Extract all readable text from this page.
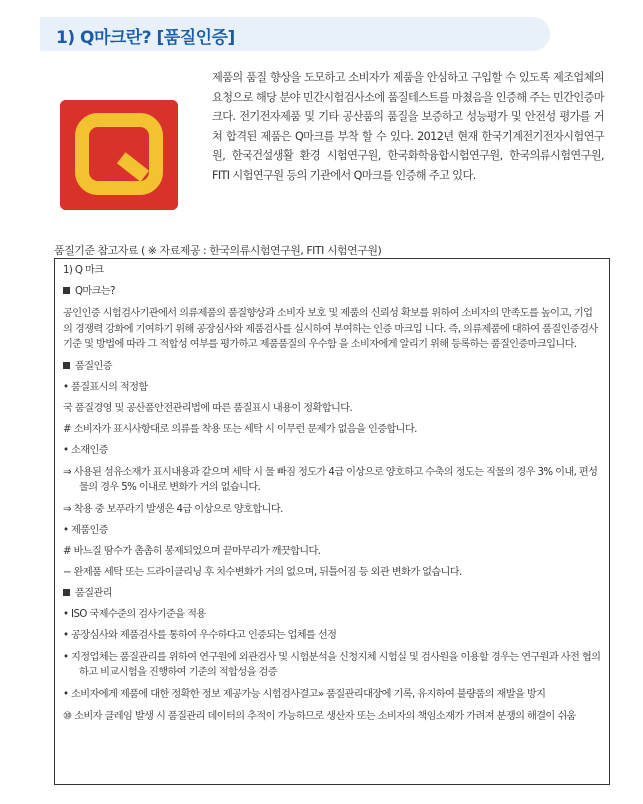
1) Q마크란? [품질인증]

제품의 품질 향상을 도모하고 소비자가 제품을 안심하고 구입할 수 있도록 제조업체의 요청으로 해당 분야 민간시험검사소에 품질테스트를 마쳤음을 인증해 주는 민간인증마크다. 전기전자제품 및 기타 공산품의 품질을 보증하고 성능평가 및 안전성 평가를 거쳐 합격된 제품은 Q마크를 부착 할 수 있다. 2012년 현재 한국기계전기전자시험연구원, 한국건설생활 환경 시험연구원, 한국화학융합시험연구원, 한국의류시험연구원, FITI 시험연구원 등의 기관에서 Q마크를 인증해 주고 있다.

품질기준 참고자료 ( ※ 자료제공 : 한국의류시험연구원, FITI 시험연구원)
1) Q 마크
Q마크는?
공인인증 시험검사기관에서 의류제품의 품질향상과 소비자 보호 및 제품의 신뢰성 확보를 위하여 소비자의 만족도를 높이고, 기업의 경쟁력 강화에 기여하기 위해 공장심사와 제품검사를 실시하여 부여하는 인증 마크입 니다. 즉, 의류제품에 대하여 품질인증검사기준 및 방법에 따라 그 적합성 여부를 평가하고 제품품질의 우수함 을 소비자에게 알리기 위해 등록하는 품질인증마크입니다.
품질인증
• 품질표시의 적정함
국 품질경영 및 공산품안전관리법에 따른 품질표시 내용이 정확합니다.
# 소비자가 표시사항대로 의류를 착용 또는 세탁 시 이무런 문제가 없음을 인증합니다.
• 소재인증
⇒ 사용된 섬유소재가 표시내용과 같으며 세탁 시 물 빠짐 정도가 4급 이상으로 양호하고 수축의 정도는 직물의 경우 3% 이내, 편성물의 경우 5% 이내로 변화가 거의 없습니다.
⇒ 착용 중 보푸라기 발생은 4급 이상으로 양호합니다.
• 제품인증
# 바느질 땀수가 촘촘히 봉제되었으며 끝마무리가 깨끗합니다.
− 완제품 세탁 또는 드라이클리닝 후 치수변화가 거의 없으며, 뒤틀어짐 등 외관 변화가 없습니다.
품질관리
• ISO 국제수준의 검사기준을 적용
• 공장심사와 제품검사를 통하여 우수하다고 인증되는 업체를 선정
• 지정업체는 품질관리를 위하여 연구원에 외관검사 및 시험분석을 신청지체 시험실 및 검사원을 이용할 경우는 연구원과 사전 협의하고 비교시험을 진행하여 기준의 적합성을 검증
• 소비자에게 제품에 대한 정확한 정보 제공가능 시험검사결고» 품질관리대장에 기록, 유지하여 불량품의 재발을 방지
⑩ 소비자 클레임 발생 시 품질관리 데이터의 추적이 가능하므로 생산자 또는 소비자의 책임소재가 가려져 분쟁의 해결이 쉬움
